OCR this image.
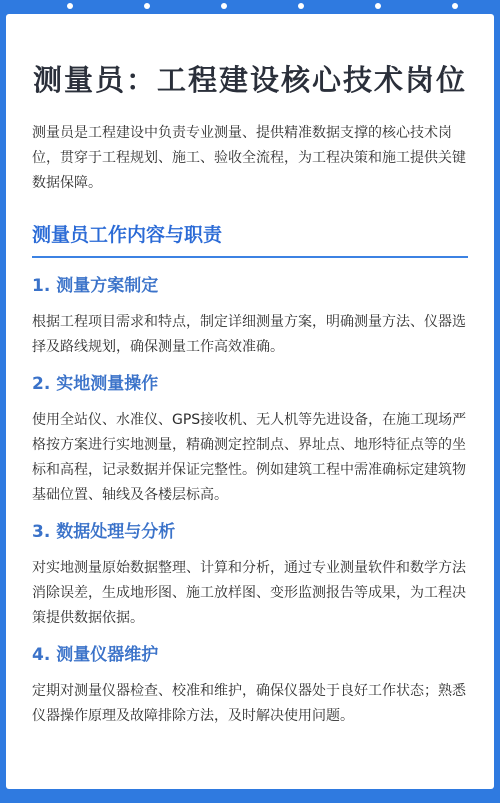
测量员：工程建设核心技术岗位

测量员是工程建设中负责专业测量、提供精准数据支撑的核心技术岗位，贯穿于工程规划、施工、验收全流程，为工程决策和施工提供关键数据保障。

测量员工作内容与职责
1. 测量方案制定

根据工程项目需求和特点，制定详细测量方案，明确测量方法、仪器选择及路线规划，确保测量工作高效准确。

2. 实地测量操作

使用全站仪、水准仪、GPS接收机、无人机等先进设备，在施工现场严格按方案进行实地测量，精确测定控制点、界址点、地形特征点等的坐标和高程，记录数据并保证完整性。例如建筑工程中需准确标定建筑物基础位置、轴线及各楼层标高。

3. 数据处理与分析

对实地测量原始数据整理、计算和分析，通过专业测量软件和数学方法消除误差，生成地形图、施工放样图、变形监测报告等成果，为工程决策提供数据依据。

4. 测量仪器维护

定期对测量仪器检查、校准和维护，确保仪器处于良好工作状态；熟悉仪器操作原理及故障排除方法，及时解决使用问题。
